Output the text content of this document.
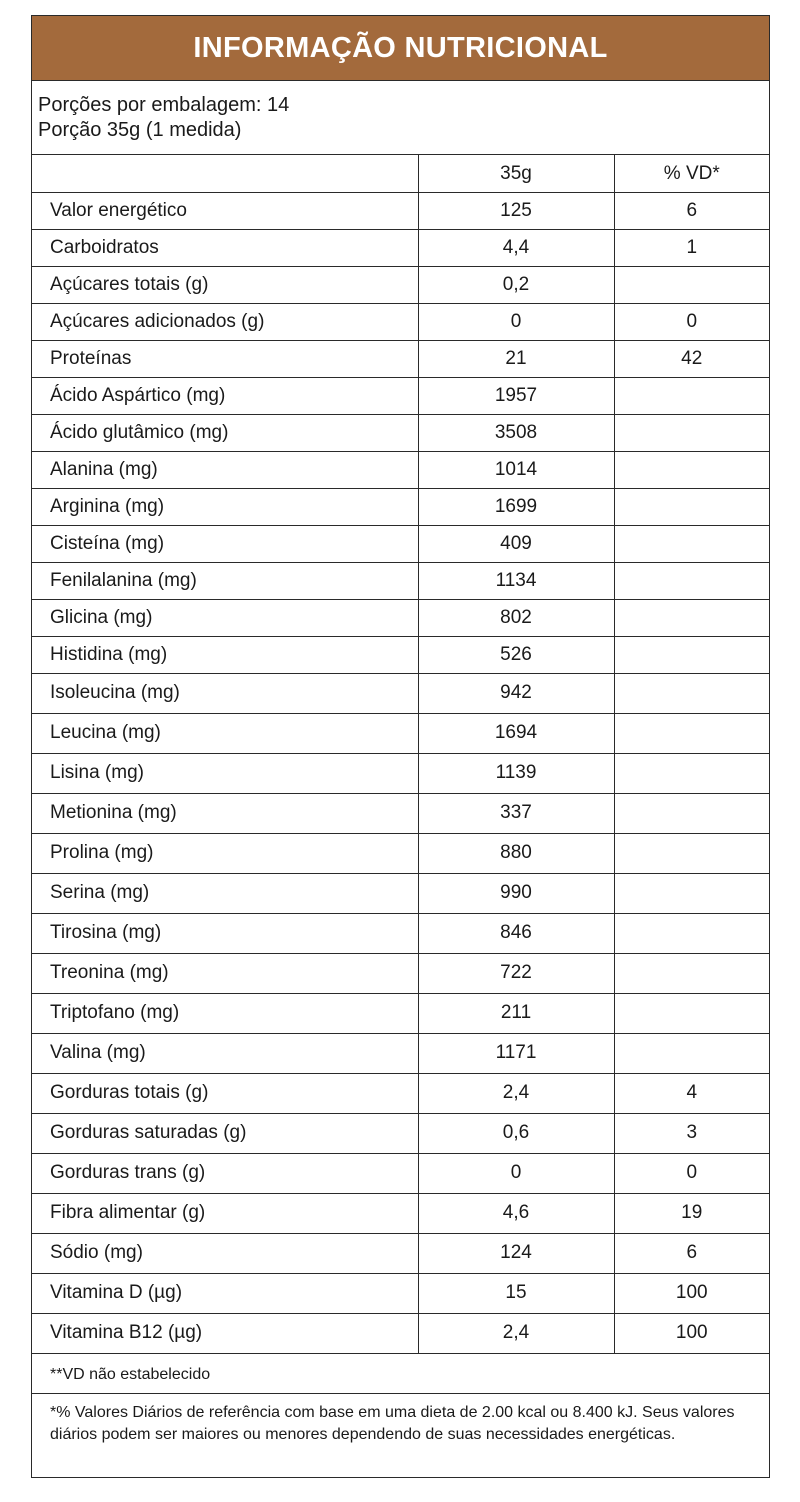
INFORMAÇÃO NUTRICIONAL
Porções por embalagem: 14
Porção 35g (1 medida)
	35g	% VD*
Valor energético	125	6
Carboidratos	4,4	1
Açúcares totais (g)	0,2	
Açúcares adicionados (g)	0	0
Proteínas	21	42
Ácido Aspártico (mg)	1957	
Ácido glutâmico (mg)	3508	
Alanina (mg)	1014	
Arginina (mg)	1699	
Cisteína (mg)	409	
Fenilalanina (mg)	1134	
Glicina (mg)	802	
Histidina (mg)	526	
Isoleucina (mg)	942	
Leucina (mg)	1694	
Lisina (mg)	1139	
Metionina (mg)	337	
Prolina (mg)	880	
Serina (mg)	990	
Tirosina (mg)	846	
Treonina (mg)	722	
Triptofano (mg)	211	
Valina (mg)	1171	
Gorduras totais (g)	2,4	4
Gorduras saturadas (g)	0,6	3
Gorduras trans (g)	0	0
Fibra alimentar (g)	4,6	19
Sódio (mg)	124	6
Vitamina D (µg)	15	100
Vitamina B12 (µg)	2,4	100
**VD não estabelecido
*% Valores Diários de referência com base em uma dieta de 2.00 kcal ou 8.400 kJ. Seus valores diários podem ser maiores ou menores dependendo de suas necessidades energéticas.
